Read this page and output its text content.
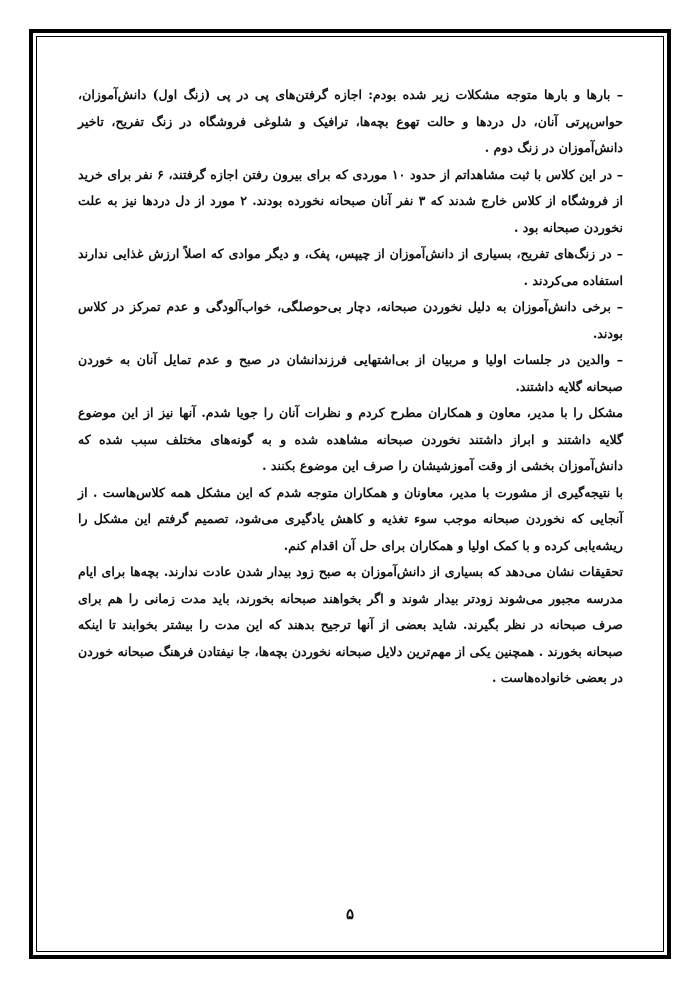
– بارها و بارها متوجه مشکلات زیر شده بودم: اجازه گرفتن‌های پی در پی (زنگ اول) دانش‌آموزان، حواس‌پرتی آنان، دل دردها و حالت تهوع بچه‌ها، ترافیک و شلوغی فروشگاه در زنگ تفریح، تاخیر دانش‌آموزان در زنگ دوم .

– در این کلاس با ثبت مشاهداتم از حدود ۱۰ موردی که برای بیرون رفتن اجازه گرفتند، ۶ نفر برای خرید از فروشگاه از کلاس خارج شدند که ۳ نفر آنان صبحانه نخورده بودند. ۲ مورد از دل دردها نیز به علت نخوردن صبحانه بود .

– در زنگ‌های تفریح، بسیاری از دانش‌آموزان از چیپس، پفک، و دیگر موادی که اصلاً ارزش غذایی ندارند استفاده می‌کردند .

– برخی دانش‌آموزان به دلیل نخوردن صبحانه، دچار بی‌حوصلگی، خواب‌آلودگی و عدم تمرکز در کلاس بودند.

– والدین در جلسات اولیا و مربیان از بی‌اشتهایی فرزندانشان در صبح و عدم تمایل آنان به خوردن صبحانه گلایه داشتند.

مشکل را با مدیر، معاون و همکاران مطرح کردم و نظرات آنان را جویا شدم. آنها نیز از این موضوع گلایه داشتند و ابراز داشتند نخوردن صبحانه مشاهده شده و به گونه‌های مختلف سبب شده که دانش‌آموزان بخشی از وقت آموزشیشان را صرف این موضوع بکنند .

با نتیجه‌گیری از مشورت با مدیر، معاونان و همکاران متوجه شدم که این مشکل همه کلاس‌هاست . از آنجایی که نخوردن صبحانه موجب سوء تغذیه و کاهش یادگیری می‌شود، تصمیم گرفتم این مشکل را ریشه‌یابی کرده و با کمک اولیا و همکاران برای حل آن اقدام کنم.

تحقیقات نشان می‌دهد که بسیاری از دانش‌آموزان به صبح زود بیدار شدن عادت ندارند. بچه‌ها برای ایام مدرسه مجبور می‌شوند زودتر بیدار شوند و اگر بخواهند صبحانه بخورند، باید مدت زمانی را هم برای صرف صبحانه در نظر بگیرند. شاید بعضی از آنها ترجیح بدهند که این مدت را بیشتر بخوابند تا اینکه صبحانه بخورند . همچنین یکی از مهم‌ترین دلایل صبحانه نخوردن بچه‌ها، جا نیفتادن فرهنگ صبحانه خوردن در بعضی خانواده‌هاست .

۵
